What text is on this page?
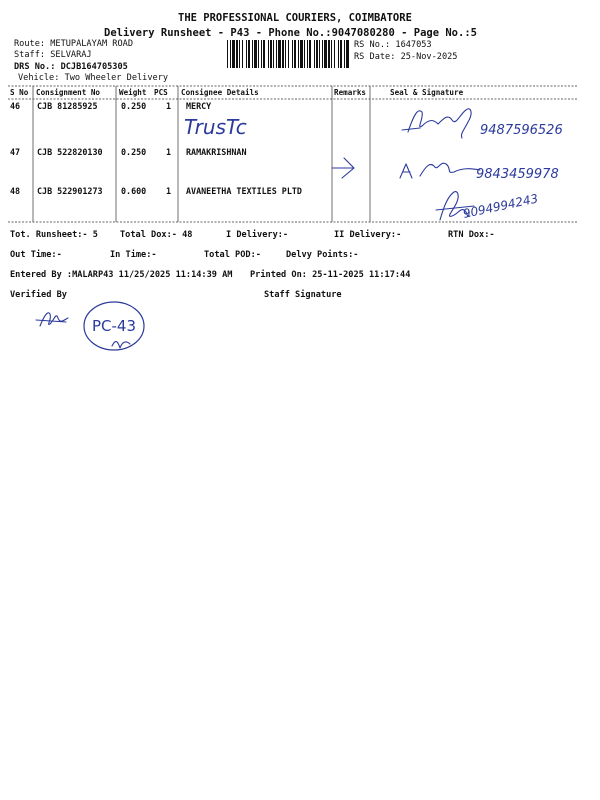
THE PROFESSIONAL COURIERS, COIMBATORE
Delivery Runsheet - P43 - Phone No.:9047080280 - Page No.:5
Route: METUPALAYAM ROAD
Staff: SELVARAJ
DRS No.: DCJB164705305
Vehicle: Two Wheeler Delivery
RS No.: 1647053
RS Date: 25-Nov-2025
S No Consignment No Weight PCS Consignee Details	Remarks	Seal & Signature
46 CJB 81285925	0.250 1 MERCY
TrusTc	9487596526
47 CJB 522820130 0.250 1 RAMAKRISHNAN
9843459978
48 CJB 522901273 0.600 1 AVANEETHA TEXTILES PLTD
9094994243
Tot. Runsheet:- 5	Total Dox:- 48	I Delivery:-	II Delivery:-	RTN Dox:-
Out Time:-	In Time:-	Total POD:-	Delvy Points:-
Entered By :MALARP43 11/25/2025 11:14:39 AM Printed On: 25-11-2025 11:17:44
Verified By	Staff Signature
PC-43
